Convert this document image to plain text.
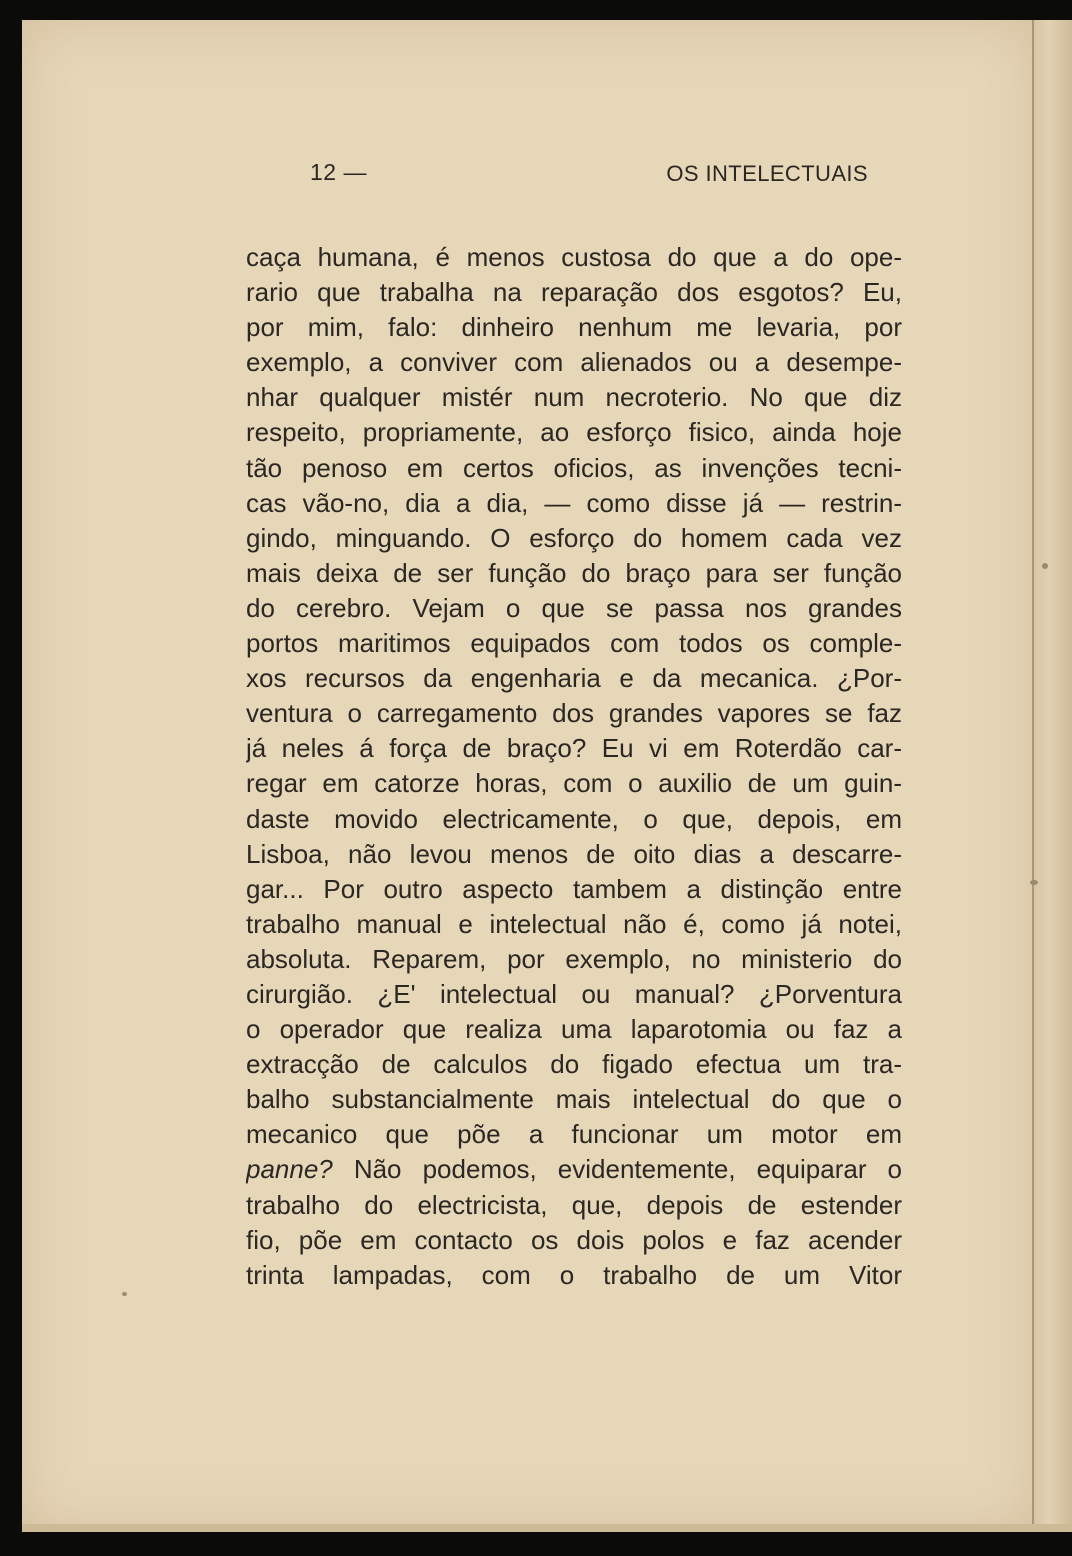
12 —	OS INTELECTUAIS
caça humana, é menos custosa do que a do ope-
rario que trabalha na reparação dos esgotos? Eu,
por mim, falo: dinheiro nenhum me levaria, por
exemplo, a conviver com alienados ou a desempe-
nhar qualquer mistér num necroterio. No que diz
respeito, propriamente, ao esforço fisico, ainda hoje
tão penoso em certos oficios, as invenções tecni-
cas vão-no, dia a dia, — como disse já — restrin-
gindo, minguando. O esforço do homem cada vez
mais deixa de ser função do braço para ser função
do cerebro. Vejam o que se passa nos grandes
portos maritimos equipados com todos os comple-
xos recursos da engenharia e da mecanica. ¿Por-
ventura o carregamento dos grandes vapores se faz
já neles á força de braço? Eu vi em Roterdão car-
regar em catorze horas, com o auxilio de um guin-
daste movido electricamente, o que, depois, em
Lisboa, não levou menos de oito dias a descarre-
gar... Por outro aspecto tambem a distinção entre
trabalho manual e intelectual não é, como já notei,
absoluta. Reparem, por exemplo, no ministerio do
cirurgião. ¿E' intelectual ou manual? ¿Porventura
o operador que realiza uma laparotomia ou faz a
extracção de calculos do figado efectua um tra-
balho substancialmente mais intelectual do que o
mecanico que põe a funcionar um motor em
panne? Não podemos, evidentemente, equiparar o
trabalho do electricista, que, depois de estender
fio, põe em contacto os dois polos e faz acender
trinta lampadas, com o trabalho de um Vitor
